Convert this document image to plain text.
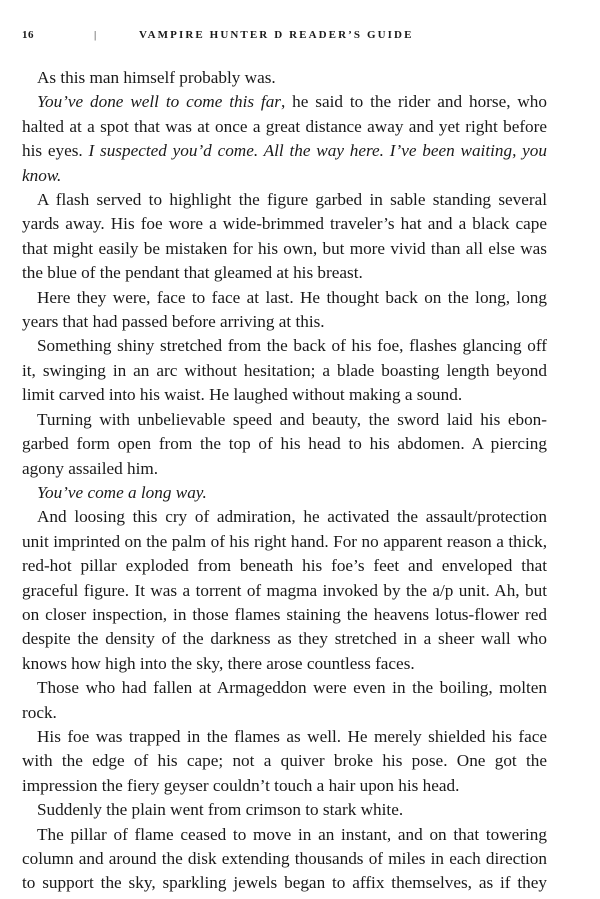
16	|	VAMPIRE HUNTER D READER’S GUIDE

As this man himself probably was.

You’ve done well to come this far, he said to the rider and horse, who halted at a spot that was at once a great distance away and yet right before his eyes. I suspected you’d come. All the way here. I’ve been waiting, you know.

A flash served to highlight the figure garbed in sable standing several yards away. His foe wore a wide-brimmed traveler’s hat and a black cape that might easily be mistaken for his own, but more vivid than all else was the blue of the pendant that gleamed at his breast.

Here they were, face to face at last. He thought back on the long, long years that had passed before arriving at this.

Something shiny stretched from the back of his foe, flashes glancing off it, swinging in an arc without hesitation; a blade boasting length beyond limit carved into his waist. He laughed without making a sound.

Turning with unbelievable speed and beauty, the sword laid his ebon-garbed form open from the top of his head to his abdomen. A piercing agony assailed him.

You’ve come a long way.

And loosing this cry of admiration, he activated the assault/protection unit imprinted on the palm of his right hand. For no apparent reason a thick, red-hot pillar exploded from beneath his foe’s feet and enveloped that graceful figure. It was a torrent of magma invoked by the a/p unit. Ah, but on closer inspection, in those flames staining the heavens lotus-flower red despite the density of the darkness as they stretched in a sheer wall who knows how high into the sky, there arose countless faces.

Those who had fallen at Armageddon were even in the boiling, molten rock.

His foe was trapped in the flames as well. He merely shielded his face with the edge of his cape; not a quiver broke his pose. One got the impression the fiery geyser couldn’t touch a hair upon his head.

Suddenly the plain went from crimson to stark white.

The pillar of flame ceased to move in an instant, and on that towering column and around the disk extending thousands of miles in each direction to support the sky, sparkling jewels began to affix themselves, as if they
